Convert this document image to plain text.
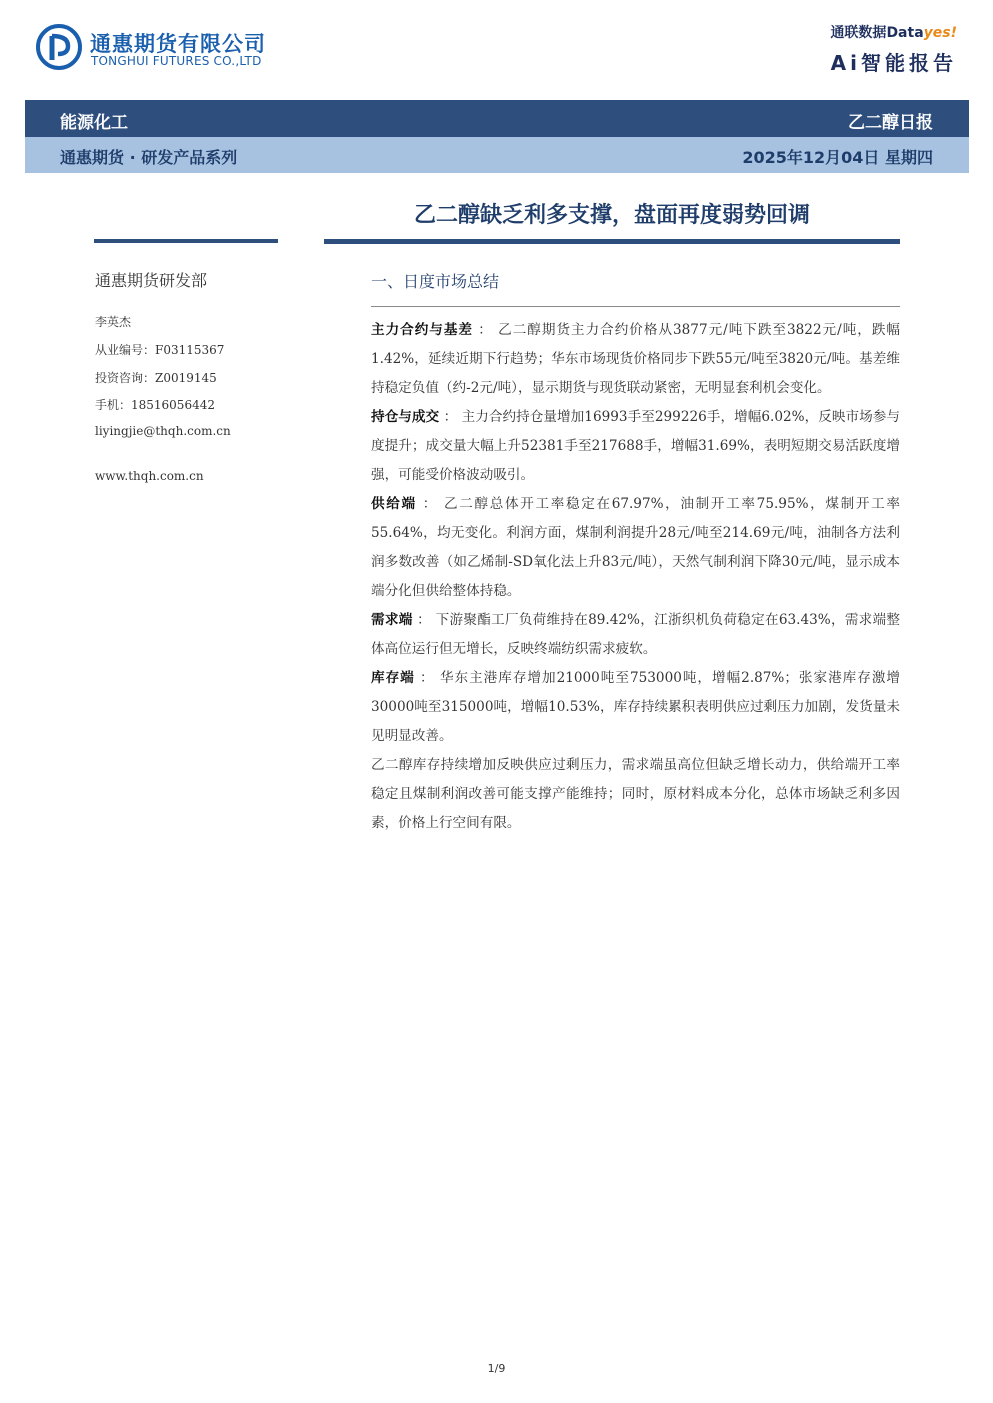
通惠期货有限公司
TONGHUI FUTURES CO.,LTD
通联数据Datayes!
Ai智能报告
能源化工	乙二醇日报
通惠期货 · 研发产品系列	2025年12月04日 星期四
乙二醇缺乏利多支撑，盘面再度弱势回调
通惠期货研发部
李英杰
从业编号：F03115367
投资咨询：Z0019145
手机：18516056442
liyingjie@thqh.com.cn
www.thqh.com.cn
一、日度市场总结

主力合约与基差 ： 乙二醇期货主力合约价格从3877元/吨下跌至3822元/吨，跌幅1.42%，延续近期下行趋势；华东市场现货价格同步下跌55元/吨至3820元/吨。基差维持稳定负值（约-2元/吨），显示期货与现货联动紧密，无明显套利机会变化。

持仓与成交 ： 主力合约持仓量增加16993手至299226手，增幅6.02%，反映市场参与度提升；成交量大幅上升52381手至217688手，增幅31.69%，表明短期交易活跃度增强，可能受价格波动吸引。

供给端 ： 乙二醇总体开工率稳定在67.97%，油制开工率75.95%，煤制开工率55.64%，均无变化。利润方面，煤制利润提升28元/吨至214.69元/吨，油制各方法利润多数改善（如乙烯制-SD氧化法上升83元/吨），天然气制利润下降30元/吨，显示成本端分化但供给整体持稳。

需求端 ： 下游聚酯工厂负荷维持在89.42%，江浙织机负荷稳定在63.43%，需求端整体高位运行但无增长，反映终端纺织需求疲软。

库存端 ： 华东主港库存增加21000吨至753000吨，增幅2.87%；张家港库存激增30000吨至315000吨，增幅10.53%，库存持续累积表明供应过剩压力加剧，发货量未见明显改善。

乙二醇库存持续增加反映供应过剩压力，需求端虽高位但缺乏增长动力，供给端开工率稳定且煤制利润改善可能支撑产能维持；同时，原材料成本分化，总体市场缺乏利多因素，价格上行空间有限。

1/9
